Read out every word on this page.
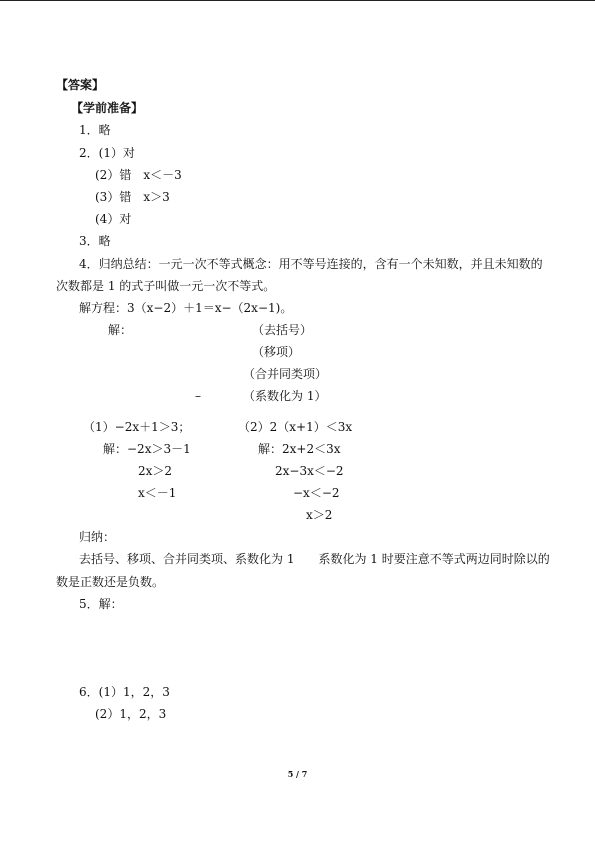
【答案】
【学前准备】
1．略
2．(1）对
(2）错　x＜－3
(3）错　x＞3
(4）对
3．略
4．归纳总结：一元一次不等式概念：用不等号连接的，含有一个未知数，并且未知数的
次数都是 1 的式子叫做一元一次不等式。
解方程：3（x−2）＋1＝x−（2x−1)。
解：	（去括号）
（移项）
（合并同类项）
–	（系数化为 1）
（1）−2x＋1＞3；
解：−2x＞3－1
2x＞2
x＜－1
（2）2（x+1）＜3x
解：2x+2＜3x
2x−3x＜−2
−x＜−2
x＞2
归纳：
去括号、移项、合并同类项、系数化为 1　　系数化为 1 时要注意不等式两边同时除以的
数是正数还是负数。
5．解：
6．(1）1，2，3
(2）1，2，3
5 / 7
